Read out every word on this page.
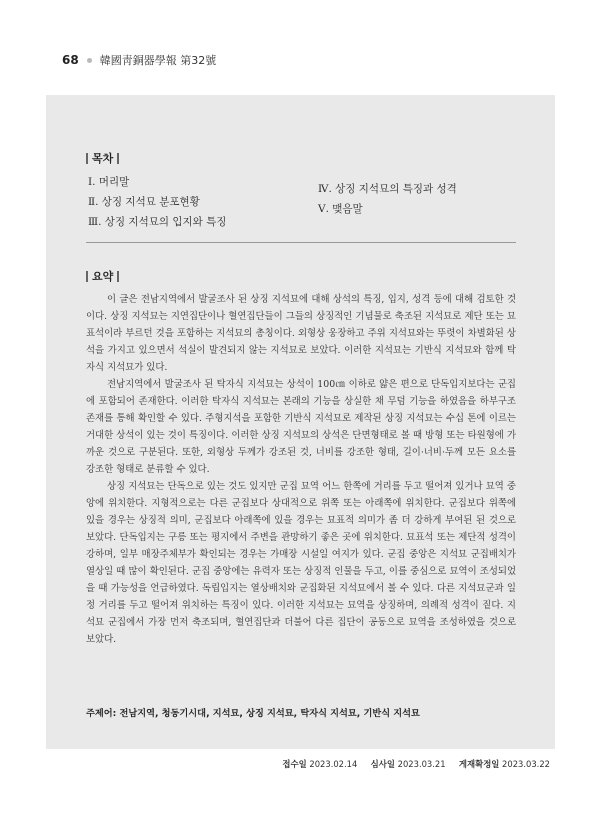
68 韓國靑銅器學報 第32號
목차
Ⅰ. 머리말
Ⅱ. 상징 지석묘 분포현황
Ⅲ. 상징 지석묘의 입지와 특징
Ⅳ. 상징 지석묘의 특징과 성격
Ⅴ. 맺음말
요약

이 글은 전남지역에서 발굴조사 된 상징 지석묘에 대해 상석의 특징, 입지, 성격 등에 대해 검토한 것이다. 상징 지석묘는 지연집단이나 혈연집단들이 그들의 상징적인 기념물로 축조된 지석묘로 제단 또는 묘표석이라 부르던 것을 포함하는 지석묘의 총칭이다. 외형상 웅장하고 주위 지석묘와는 뚜렷이 차별화된 상석을 가지고 있으면서 석실이 발견되지 않는 지석묘로 보았다. 이러한 지석묘는 기반식 지석묘와 함께 탁자식 지석묘가 있다.

전남지역에서 발굴조사 된 탁자식 지석묘는 상석이 100㎝ 이하로 얇은 편으로 단독입지보다는 군집에 포함되어 존재한다. 이러한 탁자식 지석묘는 본래의 기능을 상실한 채 무덤 기능을 하였음을 하부구조 존재를 통해 확인할 수 있다. 주형지석을 포함한 기반식 지석묘로 제작된 상징 지석묘는 수십 톤에 이르는 거대한 상석이 있는 것이 특징이다. 이러한 상징 지석묘의 상석은 단면형태로 볼 때 방형 또는 타원형에 가까운 것으로 구분된다. 또한, 외형상 두께가 강조된 것, 너비를 강조한 형태, 길이·너비·두께 모든 요소를 강조한 형태로 분류할 수 있다.

상징 지석묘는 단독으로 있는 것도 있지만 군집 묘역 어느 한쪽에 거리를 두고 떨어져 있거나 묘역 중앙에 위치한다. 지형적으로는 다른 군집보다 상대적으로 위쪽 또는 아래쪽에 위치한다. 군집보다 위쪽에 있을 경우는 상징적 의미, 군집보다 아래쪽에 있을 경우는 묘표적 의미가 좀 더 강하게 부여된 된 것으로 보았다. 단독입지는 구릉 또는 평지에서 주변을 관망하기 좋은 곳에 위치한다. 묘표석 또는 제단적 성격이 강하며, 일부 매장주체부가 확인되는 경우는 가매장 시설일 여지가 있다. 군집 중앙은 지석묘 군집배치가 열상일 때 많이 확인된다. 군집 중앙에는 유력자 또는 상징적 인물을 두고, 이를 중심으로 묘역이 조성되었을 때 가능성을 언급하였다. 독립입지는 열상배치와 군집화된 지석묘에서 볼 수 있다. 다른 지석묘군과 일정 거리를 두고 떨어져 위치하는 특징이 있다. 이러한 지석묘는 묘역을 상징하며, 의례적 성격이 짙다. 지석묘 군집에서 가장 먼저 축조되며, 혈연집단과 더불어 다른 집단이 공동으로 묘역을 조성하였을 것으로 보았다.

주제어: 전남지역, 청동기시대, 지석묘, 상징 지석묘, 탁자식 지석묘, 기반식 지석묘
접수일 2023.02.14 심사일 2023.03.21 게재확정일 2023.03.22
